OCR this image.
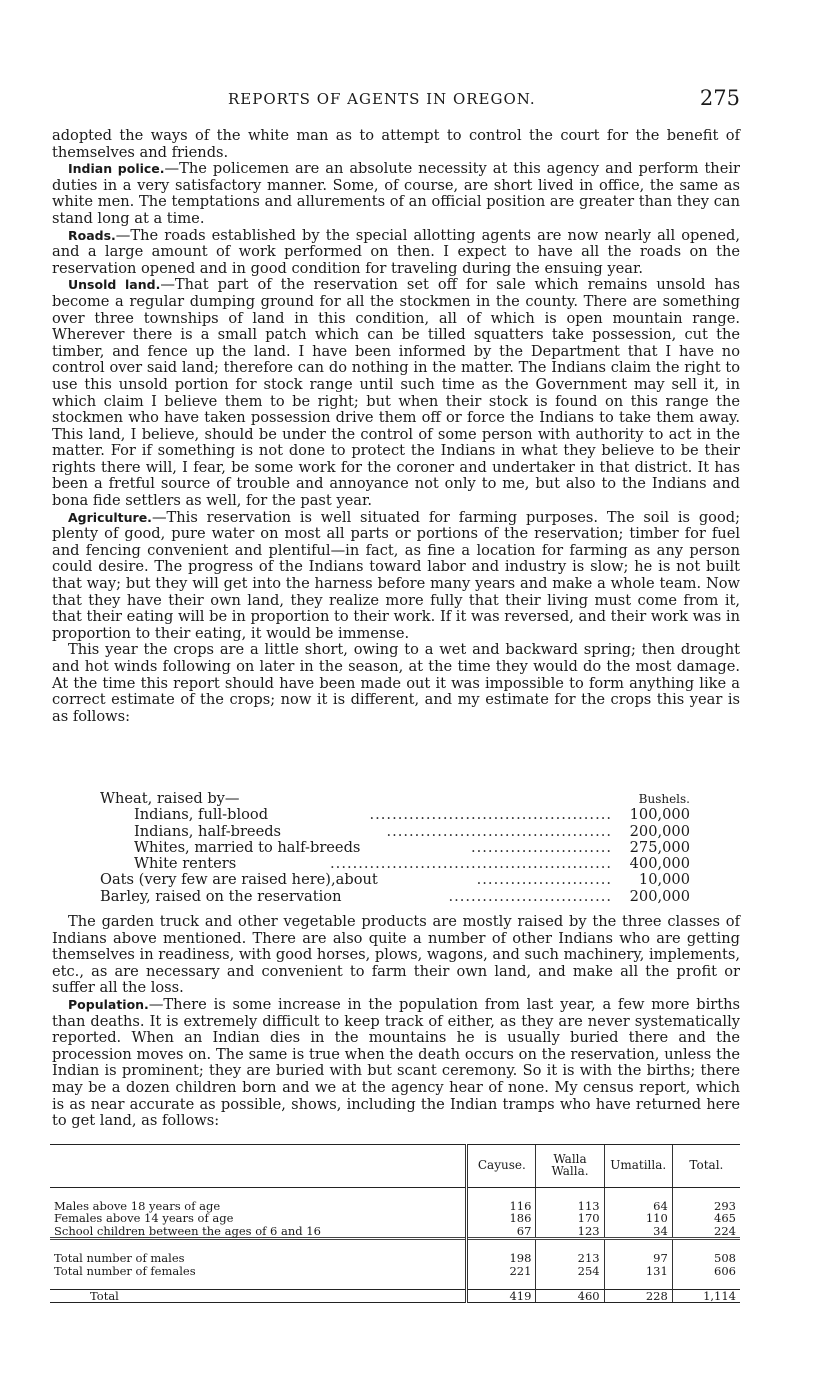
REPORTS OF AGENTS IN OREGON.	275

adopted the ways of the white man as to attempt to control the court for the benefit of themselves and friends.

Indian police.—The policemen are an absolute necessity at this agency and perform their duties in a very satisfactory manner. Some, of course, are short lived in office, the same as white men. The temptations and allurements of an official position are greater than they can stand long at a time.

Roads.—The roads established by the special allotting agents are now nearly all opened, and a large amount of work performed on then. I expect to have all the roads on the reservation opened and in good condition for traveling during the ensuing year.

Unsold land.—That part of the reservation set off for sale which remains unsold has become a regular dumping ground for all the stockmen in the county. There are something over three townships of land in this condition, all of which is open mountain range. Wherever there is a small patch which can be tilled squatters take possession, cut the timber, and fence up the land. I have been informed by the Department that I have no control over said land; therefore can do nothing in the matter. The Indians claim the right to use this unsold portion for stock range until such time as the Government may sell it, in which claim I believe them to be right; but when their stock is found on this range the stockmen who have taken possession drive them off or force the Indians to take them away. This land, I believe, should be under the control of some person with authority to act in the matter. For if something is not done to protect the Indians in what they believe to be their rights there will, I fear, be some work for the coroner and undertaker in that district. It has been a fretful source of trouble and annoyance not only to me, but also to the Indians and bona fide settlers as well, for the past year.

Agriculture.—This reservation is well situated for farming purposes. The soil is good; plenty of good, pure water on most all parts or portions of the reservation; timber for fuel and fencing convenient and plentiful—in fact, as fine a location for farming as any person could desire. The progress of the Indians toward labor and industry is slow; he is not built that way; but they will get into the harness before many years and make a whole team. Now that they have their own land, they realize more fully that their living must come from it, that their eating will be in proportion to their work. If it was reversed, and their work was in proportion to their eating, it would be immense.

This year the crops are a little short, owing to a wet and backward spring; then drought and hot winds following on later in the season, at the time they would do the most damage. At the time this report should have been made out it was impossible to form anything like a correct estimate of the crops; now it is different, and my estimate for the crops this year is as follows:

Wheat, raised by—	Bushels.
Indians, full-blood	........................................... 100,000
Indians, half-breeds	........................................ 200,000
Whites, married to half-breeds	......................... 275,000
White renters	.................................................. 400,000
Oats (very few are raised here),about	........................ 10,000
Barley, raised on the reservation	............................. 200,000

The garden truck and other vegetable products are mostly raised by the three classes of Indians above mentioned. There are also quite a number of other Indians who are getting themselves in readiness, with good horses, plows, wagons, and such machinery, implements, etc., as are necessary and convenient to farm their own land, and make all the profit or suffer all the loss.

Population.—There is some increase in the population from last year, a few more births than deaths. It is extremely difficult to keep track of either, as they are never systematically reported. When an Indian dies in the mountains he is usually buried there and the procession moves on. The same is true when the death occurs on the reservation, unless the Indian is prominent; they are buried with but scant ceremony. So it is with the births; there may be a dozen children born and we at the agency hear of none. My census report, which is as near accurate as possible, shows, including the Indian tramps who have returned here to get land, as follows:

	Cayuse.	Walla Walla.	Umatilla.	Total.

Males above 18 years of age	116	113	64	293
Females above 14 years of age	186	170	110	465
School children between the ages of 6 and 16	67	123	34	224

Total number of males	198	213	97	508
Total number of females	221	254	131	606

Total	419	460	228	1,114
